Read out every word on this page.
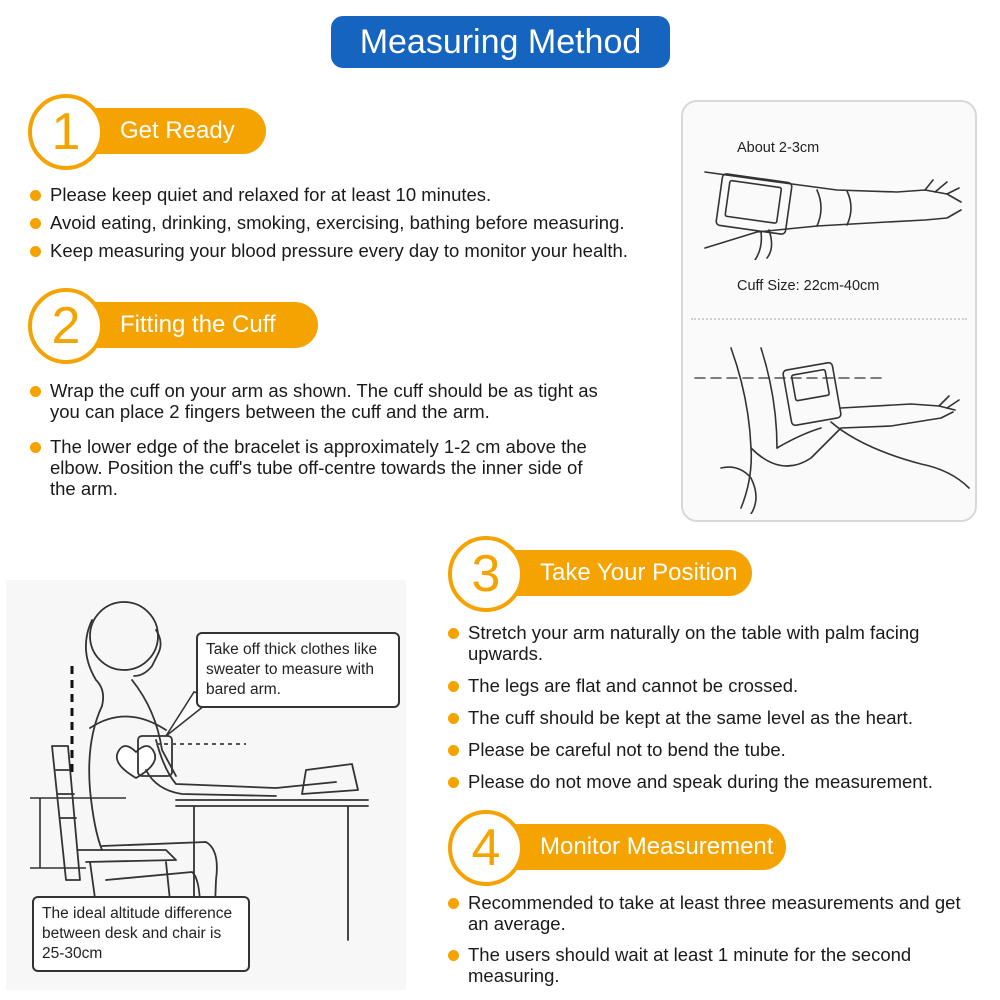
Measuring Method
1	Get Ready
Please keep quiet and relaxed for at least 10 minutes.
Avoid eating, drinking, smoking, exercising, bathing before measuring.
Keep measuring your blood pressure every day to monitor your health.
2	Fitting the Cuff
Wrap the cuff on your arm as shown. The cuff should be as tight as you can place 2 fingers between the cuff and the arm.
The lower edge of the bracelet is approximately 1-2 cm above the elbow. Position the cuff's tube off-centre towards the inner side of the arm.
About 2-3cm
Cuff Size: 22cm-40cm
3	Take Your Position
Stretch your arm naturally on the table with palm facing upwards.
The legs are flat and cannot be crossed.
The cuff should be kept at the same level as the heart.
Please be careful not to bend the tube.
Please do not move and speak during the measurement.
4	Monitor Measurement
Recommended to take at least three measurements and get an average.
The users should wait at least 1 minute for the second measuring.
Take off thick clothes like sweater to measure with bared arm.
The ideal altitude difference between desk and chair is 25-30cm
